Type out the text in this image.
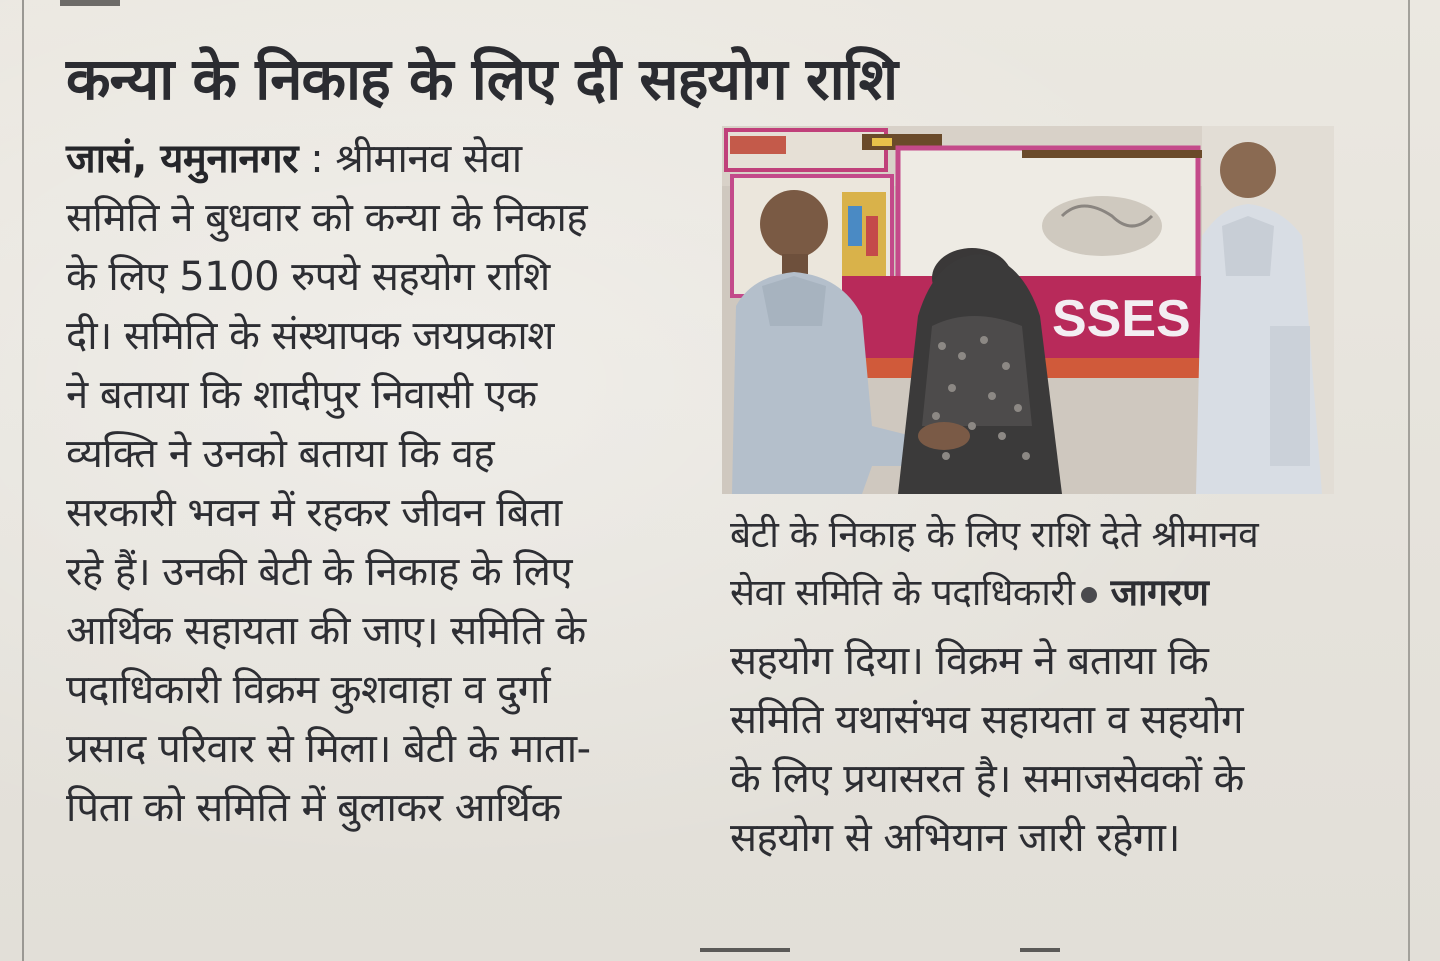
कन्या के निकाह के लिए दी सहयोग राशि
जासं, यमुनानगर : श्रीमानव सेवा
समिति ने बुधवार को कन्या के निकाह
के लिए 5100 रुपये सहयोग राशि
दी। समिति के संस्थापक जयप्रकाश
ने बताया कि शादीपुर निवासी एक
व्यक्ति ने उनको बताया कि वह
सरकारी भवन में रहकर जीवन बिता
रहे हैं। उनकी बेटी के निकाह के लिए
आर्थिक सहायता की जाए। समिति के
पदाधिकारी विक्रम कुशवाहा व दुर्गा
प्रसाद परिवार से मिला। बेटी के माता-
पिता को समिति में बुलाकर आर्थिक
SSES
बेटी के निकाह के लिए राशि देते श्रीमानव
सेवा समिति के पदाधिकारी जागरण
सहयोग दिया। विक्रम ने बताया कि
समिति यथासंभव सहायता व सहयोग
के लिए प्रयासरत है। समाजसेवकों के
सहयोग से अभियान जारी रहेगा।
